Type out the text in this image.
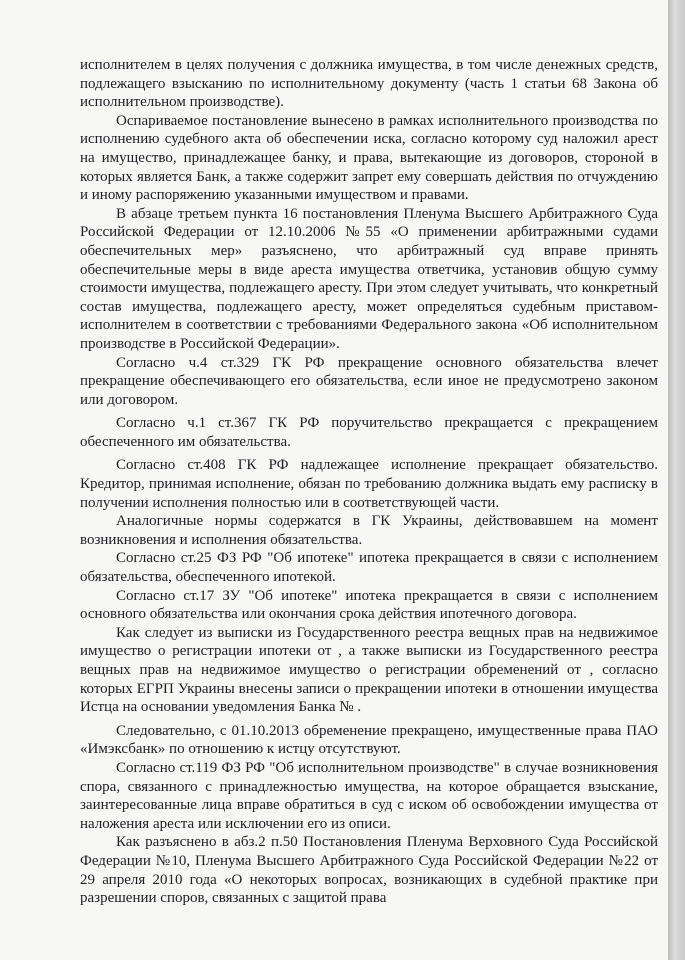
исполнителем в целях получения с должника имущества, в том числе денежных средств, подлежащего взысканию по исполнительному документу (часть 1 статьи 68 Закона об исполнительном производстве).

Оспариваемое постановление вынесено в рамках исполнительного производства по исполнению судебного акта об обеспечении иска, согласно которому суд наложил арест на имущество, принадлежащее банку, и права, вытекающие из договоров, стороной в которых является Банк, а также содержит запрет ему совершать действия по отчуждению и иному распоряжению указанными имуществом и правами.

В абзаце третьем пункта 16 постановления Пленума Высшего Арбитражного Суда Российской Федерации от 12.10.2006 №55 «О применении арбитражными судами обеспечительных мер» разъяснено, что арбитражный суд вправе принять обеспечительные меры в виде ареста имущества ответчика, установив общую сумму стоимости имущества, подлежащего аресту. При этом следует учитывать, что конкретный состав имущества, подлежащего аресту, может определяться судебным приставом-исполнителем в соответствии с требованиями Федерального закона «Об исполнительном производстве в Российской Федерации».

Согласно ч.4 ст.329 ГК РФ прекращение основного обязательства влечет прекращение обеспечивающего его обязательства, если иное не предусмотрено законом или договором.

Согласно ч.1 ст.367 ГК РФ поручительство прекращается с прекращением обеспеченного им обязательства.

Согласно ст.408 ГК РФ надлежащее исполнение прекращает обязательство. Кредитор, принимая исполнение, обязан по требованию должника выдать ему расписку в получении исполнения полностью или в соответствующей части.

Аналогичные нормы содержатся в ГК Украины, действовавшем на момент возникновения и исполнения обязательства.

Согласно ст.25 ФЗ РФ "Об ипотеке" ипотека прекращается в связи с исполнением обязательства, обеспеченного ипотекой.

Согласно ст.17 ЗУ "Об ипотеке" ипотека прекращается в связи с исполнением основного обязательства или окончания срока действия ипотечного договора.

Как следует из выписки из Государственного реестра вещных прав на недвижимое имущество о регистрации ипотеки от , а также выписки из Государственного реестра вещных прав на недвижимое имущество о регистрации обременений от , согласно которых ЕГРП Украины внесены записи о прекращении ипотеки в отношении имущества Истца на основании уведомления Банка № .

Следовательно, с 01.10.2013 обременение прекращено, имущественные права ПАО «Имэксбанк» по отношению к истцу отсутствуют.

Согласно ст.119 ФЗ РФ "Об исполнительном производстве" в случае возникновения спора, связанного с принадлежностью имущества, на которое обращается взыскание, заинтересованные лица вправе обратиться в суд с иском об освобождении имущества от наложения ареста или исключении его из описи.

Как разъяснено в абз.2 п.50 Постановления Пленума Верховного Суда Российской Федерации №10, Пленума Высшего Арбитражного Суда Российской Федерации №22 от 29 апреля 2010 года «О некоторых вопросах, возникающих в судебной практике при разрешении споров, связанных с защитой права
